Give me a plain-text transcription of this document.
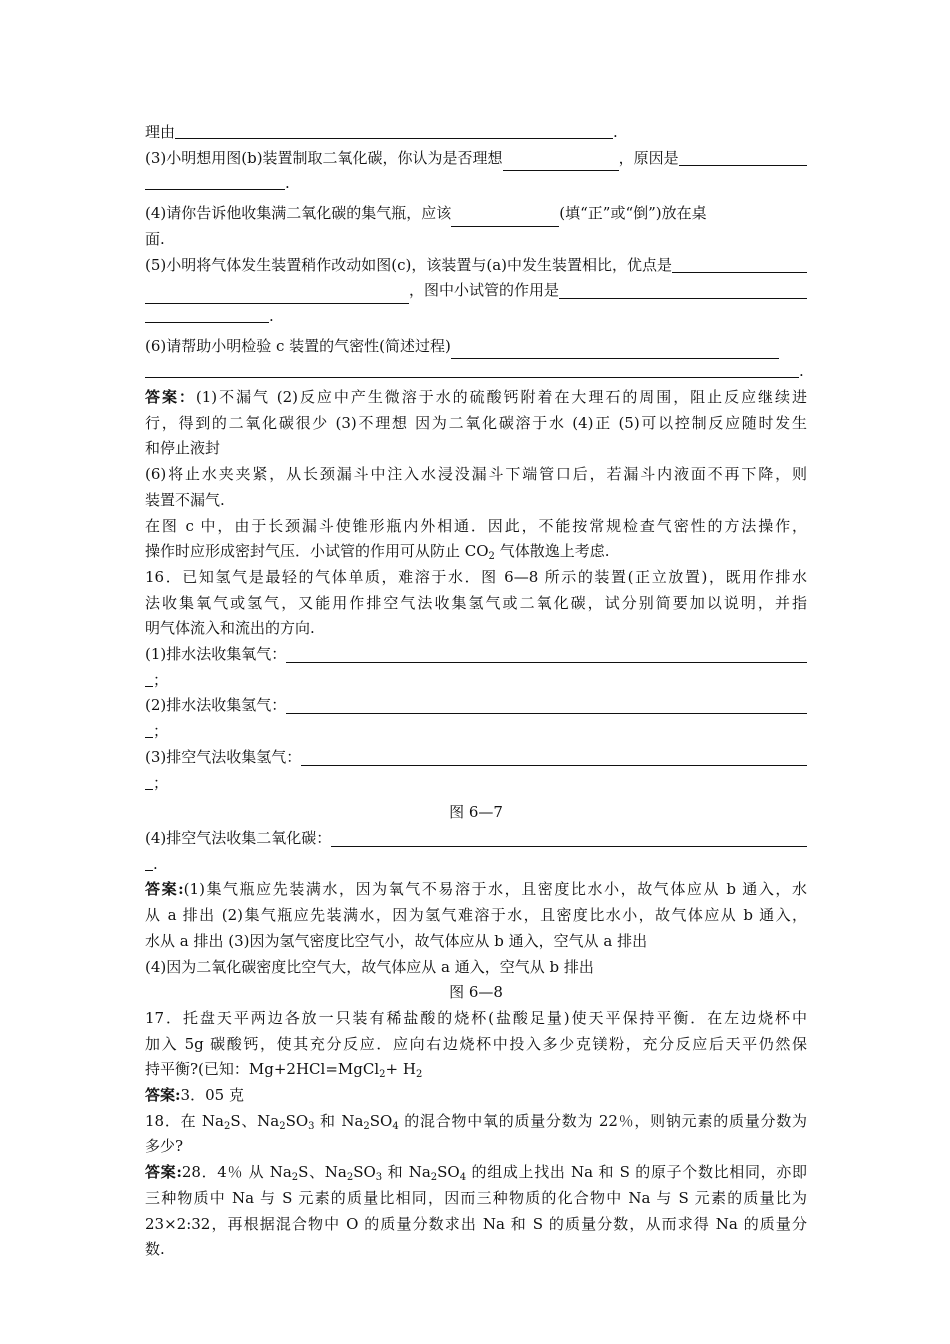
理由	.

(3)小明想用图(b)装置制取二氧化碳，你认为是否理想	，原因是

.

(4)请你告诉他收集满二氧化碳的集气瓶，应该	(填“正”或“倒”)放在桌

面.

(5)小明将气体发生装置稍作改动如图(c)，该装置与(a)中发生装置相比，优点是

，图中小试管的作用是

.

(6)请帮助小明检验 c 装置的气密性(简述过程)

.

答案：(1)不漏气 (2)反应中产生微溶于水的硫酸钙附着在大理石的周围，阻止反应继续进

行，得到的二氧化碳很少 (3)不理想 因为二氧化碳溶于水 (4)正 (5)可以控制反应随时发生

和停止液封

(6)将止水夹夹紧，从长颈漏斗中注入水浸没漏斗下端管口后，若漏斗内液面不再下降，则

装置不漏气.

在图 c 中，由于长颈漏斗使锥形瓶内外相通．因此，不能按常规检查气密性的方法操作，

操作时应形成密封气压．小试管的作用可从防止 $CO_2$ 气体散逸上考虑.

16．已知氢气是最轻的气体单质，难溶于水．图 6—8 所示的装置(正立放置)，既用作排水

法收集氧气或氢气，又能用作排空气法收集氢气或二氧化碳，试分别简要加以说明，并指

明气体流入和流出的方向.

(1)排水法收集氧气：

；

(2)排水法收集氢气：

；

(3)排空气法收集氢气：

；

图 6—7

(4)排空气法收集二氧化碳：

.

答案:(1)集气瓶应先装满水，因为氧气不易溶于水，且密度比水小，故气体应从 b 通入，水

从 a 排出 (2)集气瓶应先装满水，因为氢气难溶于水，且密度比水小，故气体应从 b 通入，

水从 a 排出 (3)因为氢气密度比空气小，故气体应从 b 通入，空气从 a 排出

(4)因为二氧化碳密度比空气大，故气体应从 a 通入，空气从 b 排出

图 6—8

17．托盘天平两边各放一只装有稀盐酸的烧杯(盐酸足量)使天平保持平衡．在左边烧杯中

加入 5g 碳酸钙，使其充分反应．应向右边烧杯中投入多少克镁粉，充分反应后天平仍然保

持平衡?(已知：Mg+2HCl=MgCl$_2$+ $H_2$

答案:3．05 克

18．在 $Na_2S$、$Na_2SO_3$ 和 $Na_2SO_4$ 的混合物中氧的质量分数为 22％，则钠元素的质量分数为

多少?

答案:28．4％ 从 $Na_2S$、$Na_2SO_3$ 和 $Na_2SO_4$ 的组成上找出 Na 和 S 的原子个数比相同，亦即

三种物质中 Na 与 S 元素的质量比相同，因而三种物质的化合物中 Na 与 S 元素的质量比为

23×2:32，再根据混合物中 O 的质量分数求出 Na 和 S 的质量分数，从而求得 Na 的质量分

数.
